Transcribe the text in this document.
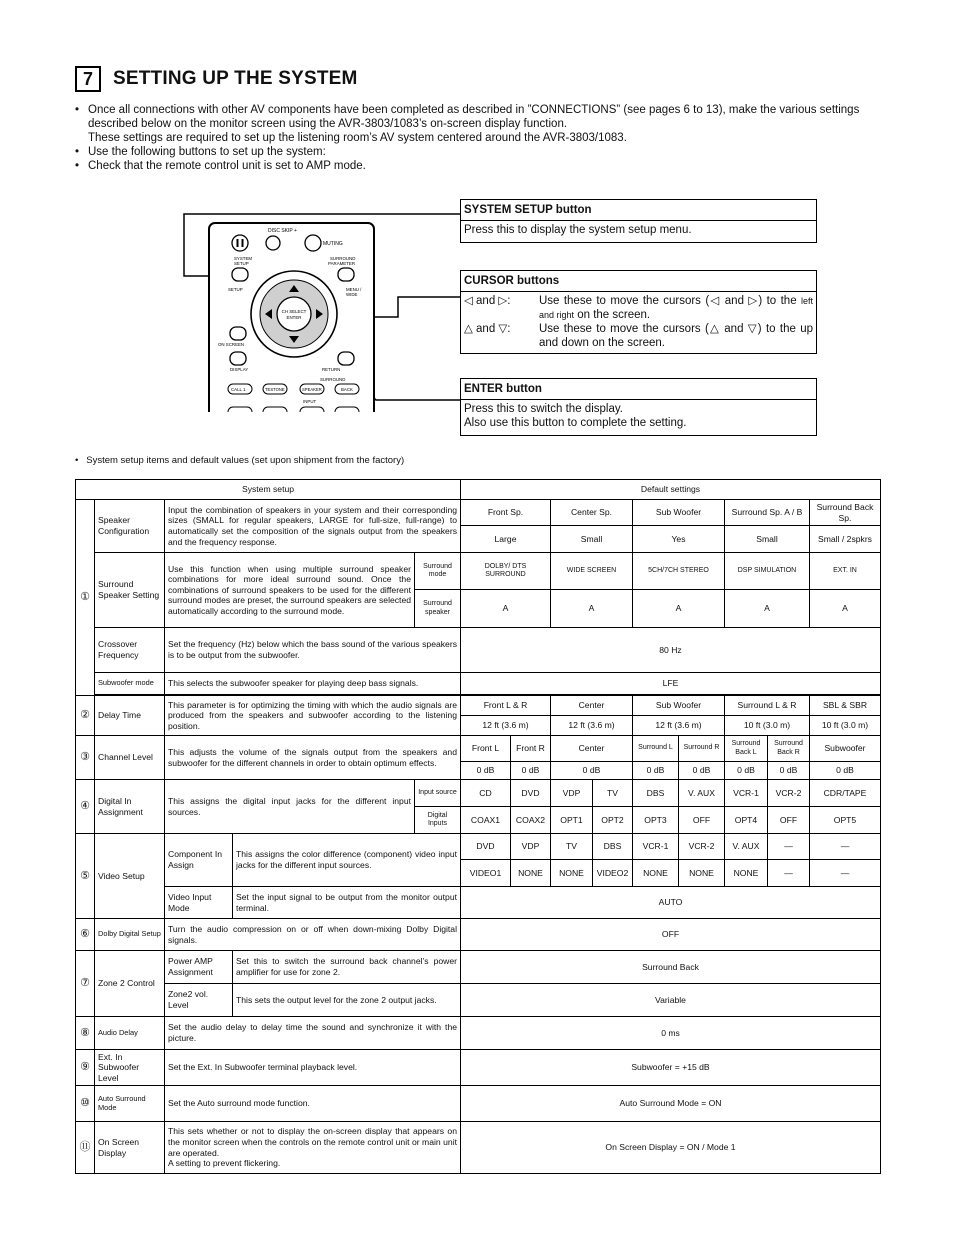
7	SETTING UP THE SYSTEM
• Once all connections with other AV components have been completed as described in ”CONNECTIONS” (see pages 6 to 13), make the various settings described below on the monitor screen using the AVR-3803/1083’s on-screen display function.
These settings are required to set up the listening room’s AV system centered around the AVR-3803/1083.
• Use the following buttons to set up the system:
• Check that the remote control unit is set to AMP mode.
DISC SKIP +
MUTING
SYSTEM
SETUP
SETUP
SURROUND
PARAMETER
MENU /
WIDE
CH SELECT
ENTER
ON SCREEN
DISPLAY	RETURN
SURROUND
CALL 1	TESTONE	SPEAKER	BACK
INPUT
SYSTEM SETUP button
Press this to display the system setup menu.
CURSOR buttons
◁ and ▷:	Use these to move the cursors (◁ and ▷) to the left and right on the screen.
△ and ▽:	Use these to move the cursors (△ and ▽) to the up and down on the screen.
ENTER button
Press this to switch the display.
Also use this button to complete the setting.
•   System setup items and default values (set upon shipment from the factory)
System setup					Default settings								
①	Speaker Configuration	Input the combination of speakers in your system and their corresponding sizes (SMALL for regular speakers, LARGE for full-size, full-range) to automatically set the composition of the signals output from the speakers and the frequency response.			Front Sp.		Center Sp.		Sub Woofer		Surround Sp. A / B		Surround Back Sp.
					Large		Small		Yes		Small		Small / 2spkrs
	Surround Speaker Setting	Use this function when using multiple surround speaker combinations for more ideal surround sound. Once the combinations of surround speakers to be used for the different surround modes are preset, the surround speakers are selected automatically according to the surround mode.		Surround mode	DOLBY/ DTS SURROUND		WIDE SCREEN		5CH/7CH STEREO		DSP SIMULATION		EXT. IN
				Surround speaker	A		A		A		A		A
	Crossover Frequency	Set the frequency (Hz) below which the bass sound of the various speakers is to be output from the subwoofer.			80 Hz								
	Subwoofer mode	This selects the subwoofer speaker for playing deep bass signals.			LFE								

②	Delay Time	This parameter is for optimizing the timing with which the audio signals are produced from the speakers and subwoofer according to the listening position.			Front L & R		Center		Sub Woofer		Surround L & R		SBL & SBR
					12 ft (3.6 m)		12 ft (3.6 m)		12 ft (3.6 m)		10 ft (3.0 m)		10 ft (3.0 m)
③	Channel Level	This adjusts the volume of the signals output from the speakers and subwoofer for the different channels in order to obtain optimum effects.			Front L	Front R	Center		Surround L	Surround R	Surround Back L	Surround Back R	Subwoofer
					0 dB	0 dB	0 dB		0 dB	0 dB	0 dB	0 dB	0 dB
④	Digital In Assignment	This assigns the digital input jacks for the different input sources.		Input source	CD	DVD	VDP	TV	DBS	V. AUX	VCR-1	VCR-2	CDR/TAPE
				Digital Inputs	COAX1	COAX2	OPT1	OPT2	OPT3	OFF	OPT4	OFF	OPT5
⑤	Video Setup	Component In Assign	This assigns the color difference (component) video input jacks for the different input sources.		DVD	VDP	TV	DBS	VCR-1	VCR-2	V. AUX	—	—
					VIDEO1	NONE	NONE	VIDEO2	NONE	NONE	NONE	—	—
		Video Input Mode	Set the input signal to be output from the monitor output terminal.		AUTO								
⑥	Dolby Digital Setup	Turn the audio compression on or off when down-mixing Dolby Digital signals.			OFF								
⑦	Zone 2 Control	Power AMP Assignment	Set this to switch the surround back channel’s power amplifier for use for zone 2.		Surround Back								
		Zone2 vol. Level	This sets the output level for the zone 2 output jacks.		Variable								
⑧	Audio Delay	Set the audio delay to delay time the sound and synchronize it with the picture.			0 ms								
⑨	Ext. In Subwoofer Level	Set the Ext. In Subwoofer terminal playback level.			Subwoofer = +15 dB								
⑩	Auto Surround Mode	Set the Auto surround mode function.			Auto Surround Mode = ON								
⑪	On Screen Display	This sets whether or not to display the on-screen display that appears on the monitor screen when the controls on the remote control unit or main unit are operated.
A setting to prevent flickering.			On Screen Display = ON / Mode 1								
